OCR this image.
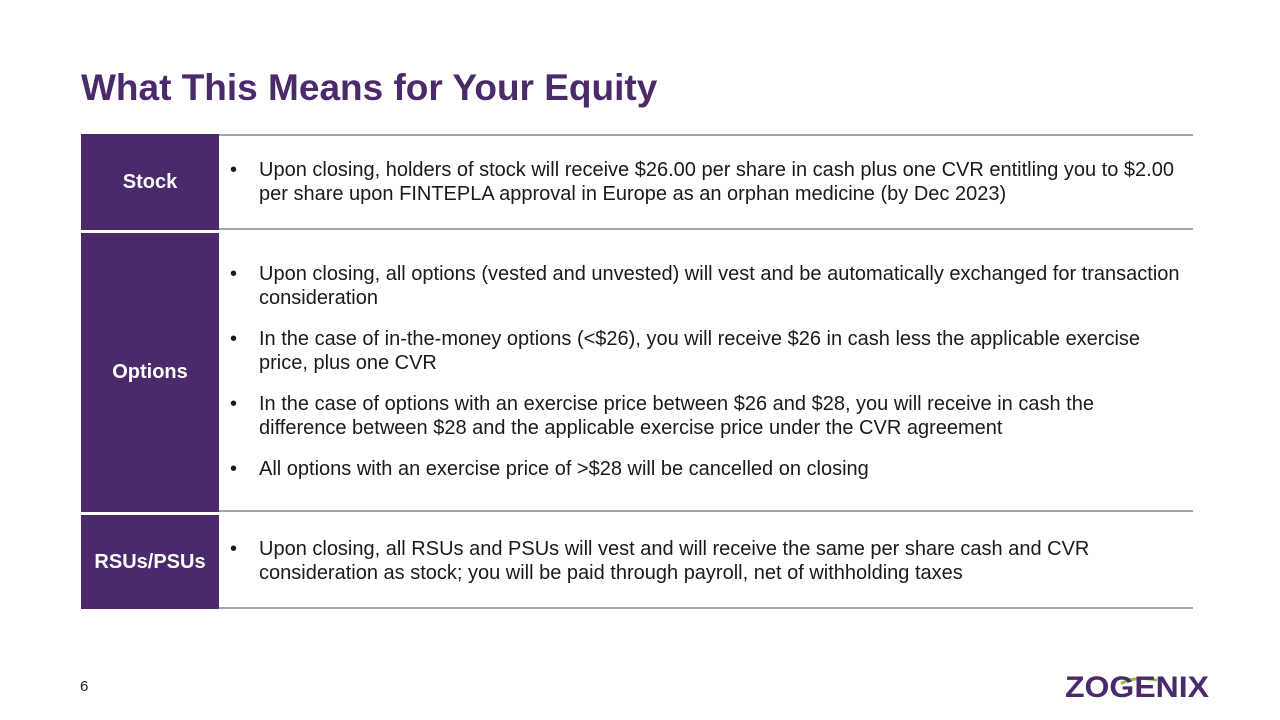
What This Means for Your Equity
Stock
•	Upon closing, holders of stock will receive $26.00 per share in cash plus one CVR entitling you to $2.00 per share upon FINTEPLA approval in Europe as an orphan medicine (by Dec 2023)
Options
•	Upon closing, all options (vested and unvested) will vest and be automatically exchanged for transaction consideration
•	In the case of in-the-money options (<$26), you will receive $26 in cash less the applicable exercise price, plus one CVR
•	In the case of options with an exercise price between $26 and $28, you will receive in cash the difference between $28 and the applicable exercise price under the CVR agreement
•	All options with an exercise price of >$28 will be cancelled on closing
RSUs/PSUs
•	Upon closing, all RSUs and PSUs will vest and will receive the same per share cash and CVR consideration as stock; you will be paid through payroll, net of withholding taxes
6	ZOGENIX
